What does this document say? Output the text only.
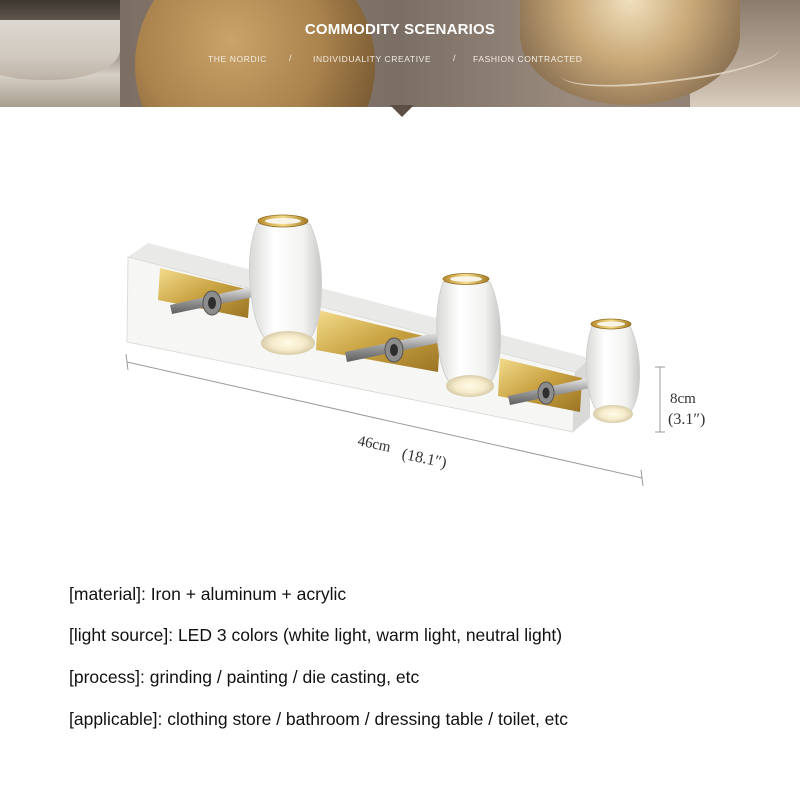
COMMODITY SCENARIOS
THE NORDIC /	INDIVIDUALITY CREATIVE / FASHION CONTRACTED
46cm
(18.1″)
8cm
(3.1″)
[material]: Iron + aluminum + acrylic
[light source]: LED 3 colors (white light, warm light, neutral light)
[process]: grinding / painting / die casting, etc
[applicable]: clothing store / bathroom / dressing table / toilet, etc
